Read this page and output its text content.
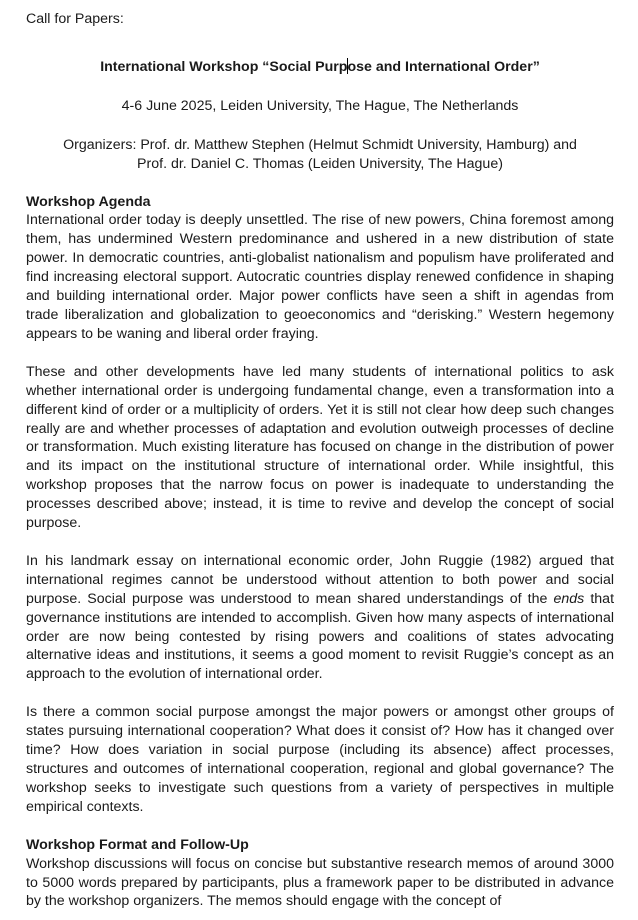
Call for Papers:

International Workshop “Social Purpose and International Order”

4-6 June 2025, Leiden University, The Hague, The Netherlands

Organizers: Prof. dr. Matthew Stephen (Helmut Schmidt University, Hamburg) and
Prof. dr. Daniel C. Thomas (Leiden University, The Hague)

Workshop Agenda

International order today is deeply unsettled. The rise of new powers, China foremost among them, has undermined Western predominance and ushered in a new distribution of state power. In democratic countries, anti-globalist nationalism and populism have proliferated and find increasing electoral support. Autocratic countries display renewed confidence in shaping and building international order. Major power conflicts have seen a shift in agendas from trade liberalization and globalization to geoeconomics and “derisking.” Western hegemony appears to be waning and liberal order fraying.

These and other developments have led many students of international politics to ask whether international order is undergoing fundamental change, even a transformation into a different kind of order or a multiplicity of orders. Yet it is still not clear how deep such changes really are and whether processes of adaptation and evolution outweigh processes of decline or transformation. Much existing literature has focused on change in the distribution of power and its impact on the institutional structure of international order. While insightful, this workshop proposes that the narrow focus on power is inadequate to understanding the processes described above; instead, it is time to revive and develop the concept of social purpose.

In his landmark essay on international economic order, John Ruggie (1982) argued that international regimes cannot be understood without attention to both power and social purpose. Social purpose was understood to mean shared understandings of the ends that governance institutions are intended to accomplish. Given how many aspects of international order are now being contested by rising powers and coalitions of states advocating alternative ideas and institutions, it seems a good moment to revisit Ruggie’s concept as an approach to the evolution of international order.

Is there a common social purpose amongst the major powers or amongst other groups of states pursuing international cooperation? What does it consist of? How has it changed over time? How does variation in social purpose (including its absence) affect processes, structures and outcomes of international cooperation, regional and global governance? The workshop seeks to investigate such questions from a variety of perspectives in multiple empirical contexts.

Workshop Format and Follow-Up

Workshop discussions will focus on concise but substantive research memos of around 3000 to 5000 words prepared by participants, plus a framework paper to be distributed in advance by the workshop organizers. The memos should engage with the concept of
